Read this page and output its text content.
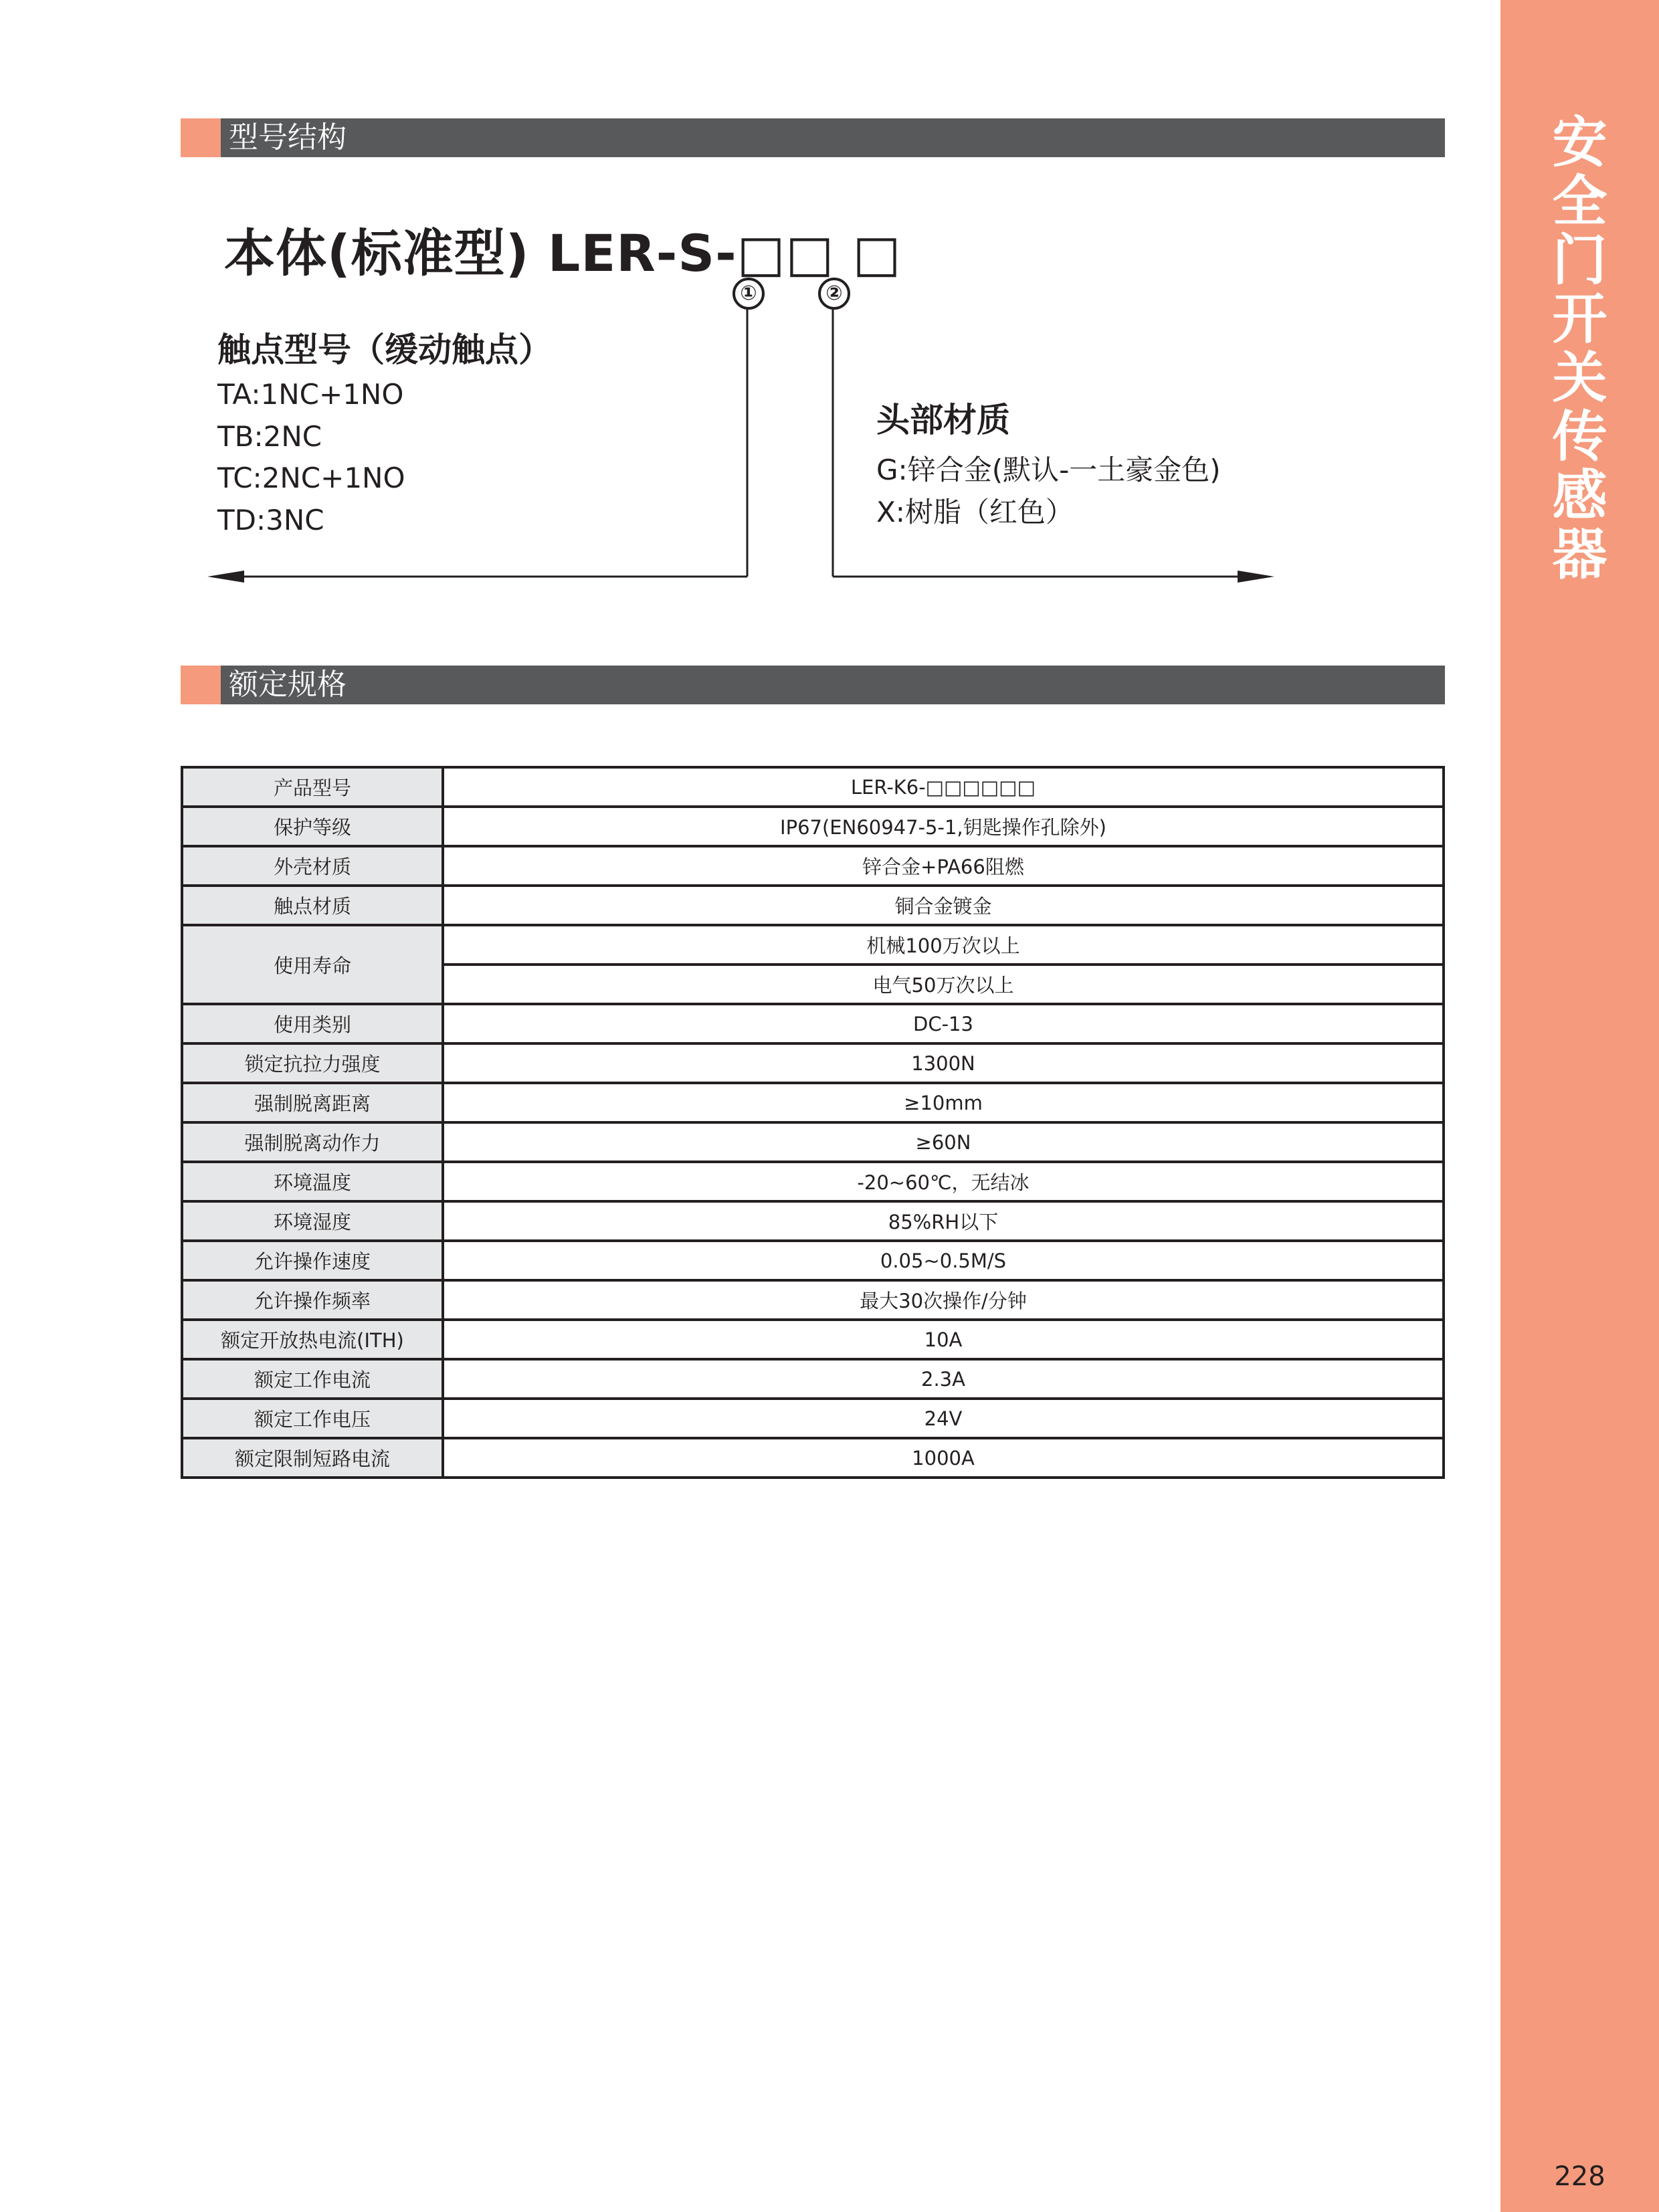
安全门开关传感器
228
型号结构
本体(标准型) LER-S-□□ □
①	②
触点型号（缓动触点）
TA:1NC+1NO
TB:2NC
TC:2NC+1NO
TD:3NC
头部材质
G:锌合金(默认-一土豪金色)
X:树脂（红色）
额定规格
产品型号	LER-K6-□□□□□□
保护等级	IP67(EN60947-5-1,钥匙操作孔除外)
外壳材质	锌合金+PA66阻燃
触点材质	铜合金镀金
使用寿命	机械100万次以上
	电气50万次以上
使用类别	DC-13
锁定抗拉力强度	1300N
强制脱离距离	≥10mm
强制脱离动作力	≥60N
环境温度	-20~60℃，无结冰
环境湿度	85%RH以下
允许操作速度	0.05~0.5M/S
允许操作频率	最大30次操作/分钟
额定开放热电流(ITH)	10A
额定工作电流	2.3A
额定工作电压	24V
额定限制短路电流	1000A
